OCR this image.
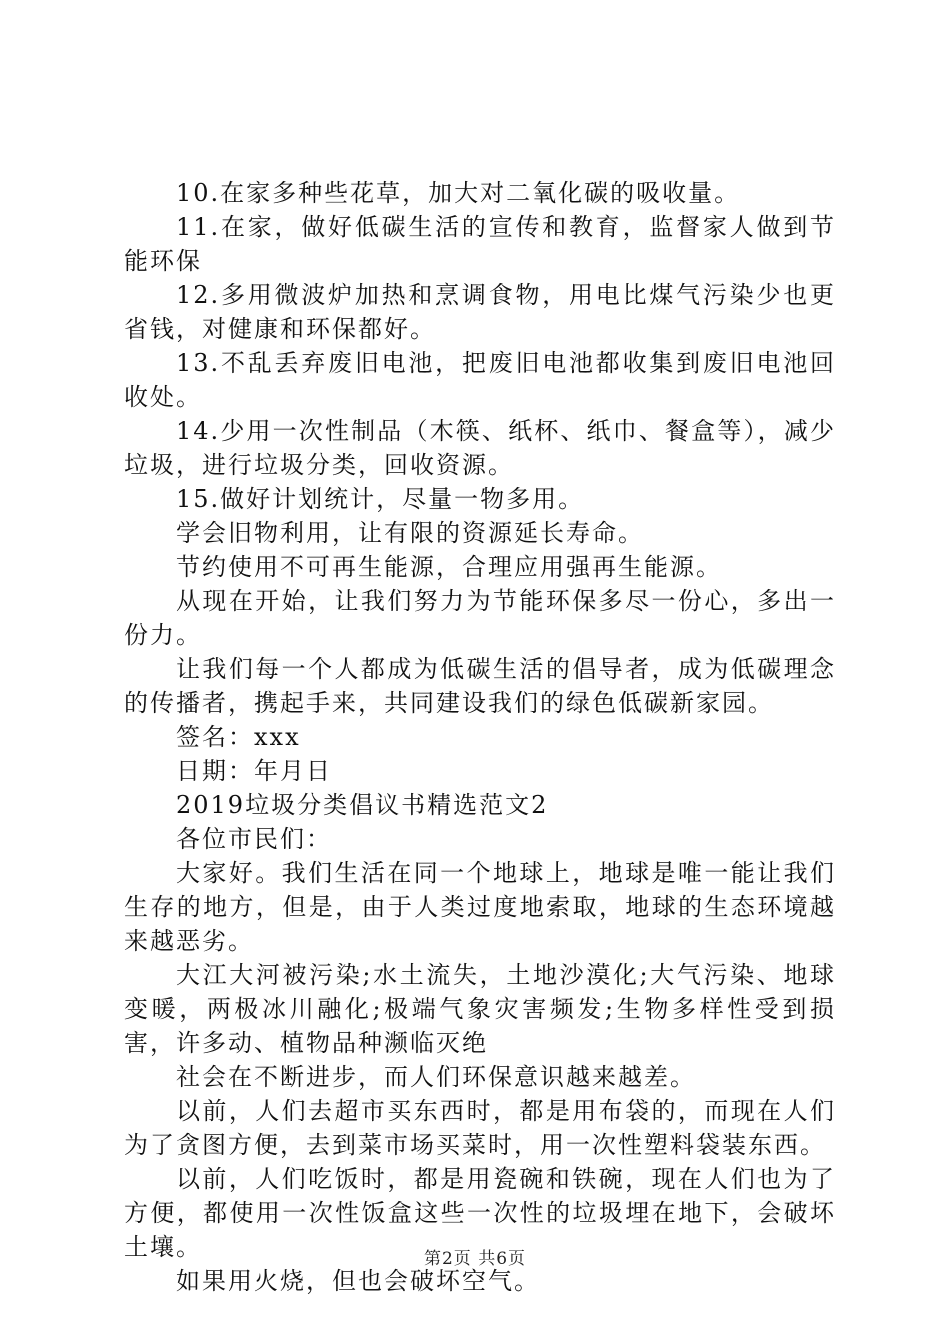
10.在家多种些花草，加大对二氧化碳的吸收量。

11.在家，做好低碳生活的宣传和教育，监督家人做到节能环保

12.多用微波炉加热和烹调食物，用电比煤气污染少也更省钱，对健康和环保都好。

13.不乱丢弃废旧电池，把废旧电池都收集到废旧电池回收处。

14.少用一次性制品（木筷、纸杯、纸巾、餐盒等），减少垃圾，进行垃圾分类，回收资源。

15.做好计划统计，尽量一物多用。

学会旧物利用，让有限的资源延长寿命。

节约使用不可再生能源，合理应用强再生能源。

从现在开始，让我们努力为节能环保多尽一份心，多出一份力。

让我们每一个人都成为低碳生活的倡导者，成为低碳理念的传播者，携起手来，共同建设我们的绿色低碳新家园。

签名：xxx

日期：年月日

2019垃圾分类倡议书精选范文2

各位市民们：

大家好。我们生活在同一个地球上，地球是唯一能让我们生存的地方，但是，由于人类过度地索取，地球的生态环境越来越恶劣。

大江大河被污染;水土流失，土地沙漠化;大气污染、地球变暖，两极冰川融化;极端气象灾害频发;生物多样性受到损害，许多动、植物品种濒临灭绝

社会在不断进步，而人们环保意识越来越差。

以前，人们去超市买东西时，都是用布袋的，而现在人们为了贪图方便，去到菜市场买菜时，用一次性塑料袋装东西。

以前，人们吃饭时，都是用瓷碗和铁碗，现在人们也为了方便，都使用一次性饭盒这些一次性的垃圾埋在地下，会破坏土壤。

如果用火烧，但也会破坏空气。

第2页 共6页
